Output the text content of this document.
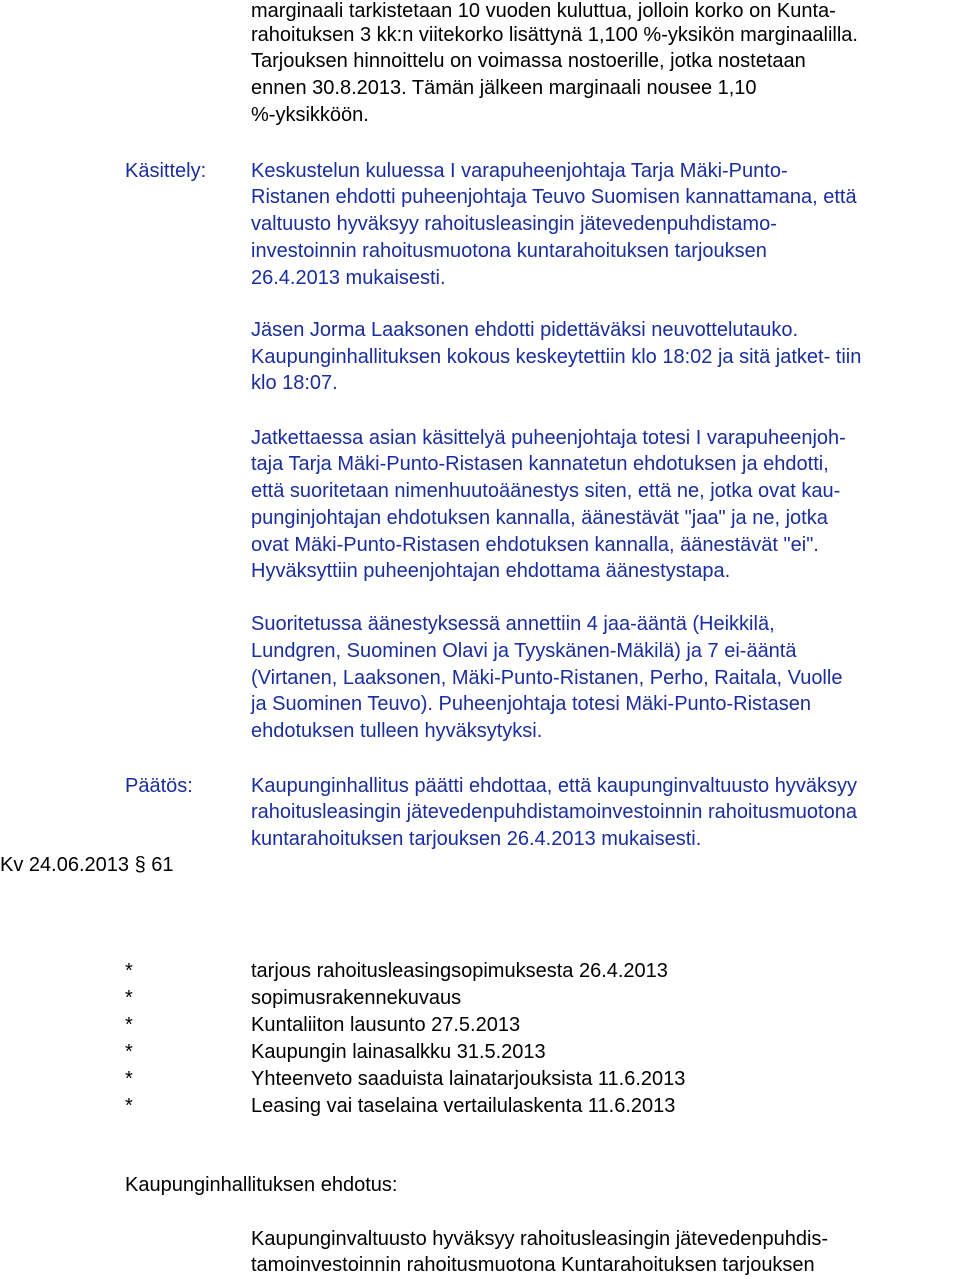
marginaali tarkistetaan 10 vuoden kuluttua, jolloin korko on Kunta-
rahoituksen 3 kk:n viitekorko lisättynä 1,100 %-yksikön marginaalilla.
Tarjouksen hinnoittelu on voimassa nostoerille, jotka nostetaan
ennen 30.8.2013. Tämän jälkeen marginaali nousee 1,10
%-yksikköön.
Käsittely: Keskustelun kuluessa I varapuheenjohtaja Tarja Mäki-Punto-
Ristanen ehdotti puheenjohtaja Teuvo Suomisen kannattamana, että
valtuusto hyväksyy rahoitusleasingin jätevedenpuhdistamo-
investoinnin rahoitusmuotona kuntarahoituksen tarjouksen
26.4.2013 mukaisesti.
Jäsen Jorma Laaksonen ehdotti pidettäväksi neuvottelutauko.
Kaupunginhallituksen kokous keskeytettiin klo 18:02 ja sitä jatket- tiin
klo 18:07.
Jatkettaessa asian käsittelyä puheenjohtaja totesi I varapuheenjoh-
taja Tarja Mäki-Punto-Ristasen kannatetun ehdotuksen ja ehdotti,
että suoritetaan nimenhuutoäänestys siten, että ne, jotka ovat kau-
punginjohtajan ehdotuksen kannalla, äänestävät "jaa" ja ne, jotka
ovat Mäki-Punto-Ristasen ehdotuksen kannalla, äänestävät "ei".
Hyväksyttiin puheenjohtajan ehdottama äänestystapa.
Suoritetussa äänestyksessä annettiin 4 jaa-ääntä (Heikkilä,
Lundgren, Suominen Olavi ja Tyyskänen-Mäkilä) ja 7 ei-ääntä
(Virtanen, Laaksonen, Mäki-Punto-Ristanen, Perho, Raitala, Vuolle
ja Suominen Teuvo). Puheenjohtaja totesi Mäki-Punto-Ristasen
ehdotuksen tulleen hyväksytyksi.
Päätös:	Kaupunginhallitus päätti ehdottaa, että kaupunginvaltuusto hyväksyy
rahoitusleasingin jätevedenpuhdistamoinvestoinnin rahoitusmuotona
kuntarahoituksen tarjouksen 26.4.2013 mukaisesti.
Kv 24.06.2013 § 61
*	tarjous rahoitusleasingsopimuksesta 26.4.2013
*	sopimusrakennekuvaus
*	Kuntaliiton lausunto 27.5.2013
*	Kaupungin lainasalkku 31.5.2013
*	Yhteenveto saaduista lainatarjouksista 11.6.2013
*	Leasing vai taselaina vertailulaskenta 11.6.2013
Kaupunginhallituksen ehdotus:
Kaupunginvaltuusto hyväksyy rahoitusleasingin jätevedenpuhdis-
tamoinvestoinnin rahoitusmuotona Kuntarahoituksen tarjouksen
